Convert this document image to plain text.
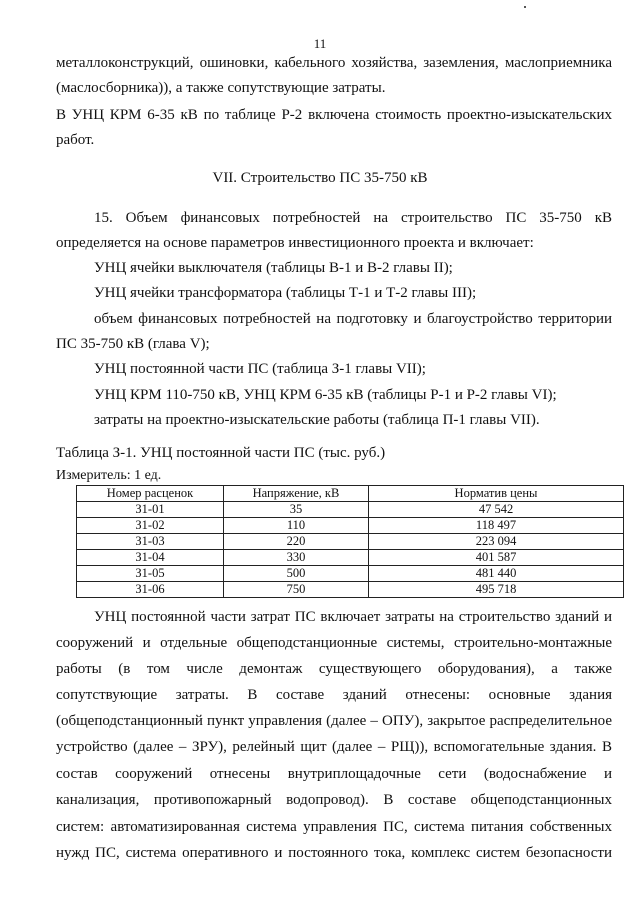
11
металлоконструкций, ошиновки, кабельного хозяйства, заземления, маслоприемника
(маслосборника)), а также сопутствующие затраты.
В УНЦ КРМ 6-35 кВ по таблице Р-2 включена стоимость проектно-изыскательских
работ.
VII. Строительство ПС 35-750 кВ
15. Объем финансовых потребностей на строительство ПС 35-750 кВ
определяется на основе параметров инвестиционного проекта и включает:
УНЦ ячейки выключателя (таблицы В-1 и В-2 главы II);
УНЦ ячейки трансформатора (таблицы Т-1 и Т-2 главы III);
объем финансовых потребностей на подготовку и благоустройство территории
ПС 35-750 кВ (глава V);
УНЦ постоянной части ПС (таблица З-1 главы VII);
УНЦ КРМ 110-750 кВ, УНЦ КРМ 6-35 кВ (таблицы Р-1 и Р-2 главы VI);
затраты на проектно-изыскательские работы (таблица П-1 главы VII).
Таблица З-1. УНЦ постоянной части ПС (тыс. руб.)
Измеритель: 1 ед.
Номер расценок	Напряжение, кВ	Норматив цены
З1-01	35	47 542
З1-02	110	118 497
З1-03	220	223 094
З1-04	330	401 587
З1-05	500	481 440
З1-06	750	495 718
УНЦ постоянной части затрат ПС включает затраты на строительство зданий и
сооружений и отдельные общеподстанционные системы, строительно-монтажные
работы (в том числе демонтаж существующего оборудования), а также
сопутствующие затраты. В составе зданий отнесены: основные здания
(общеподстанционный пункт управления (далее – ОПУ), закрытое распределительное
устройство (далее – ЗРУ), релейный щит (далее – РЩ)), вспомогательные здания. В
состав сооружений отнесены внутриплощадочные сети (водоснабжение и
канализация, противопожарный водопровод). В составе общеподстанционных
систем: автоматизированная система управления ПС, система питания собственных
нужд ПС, система оперативного и постоянного тока, комплекс систем безопасности
